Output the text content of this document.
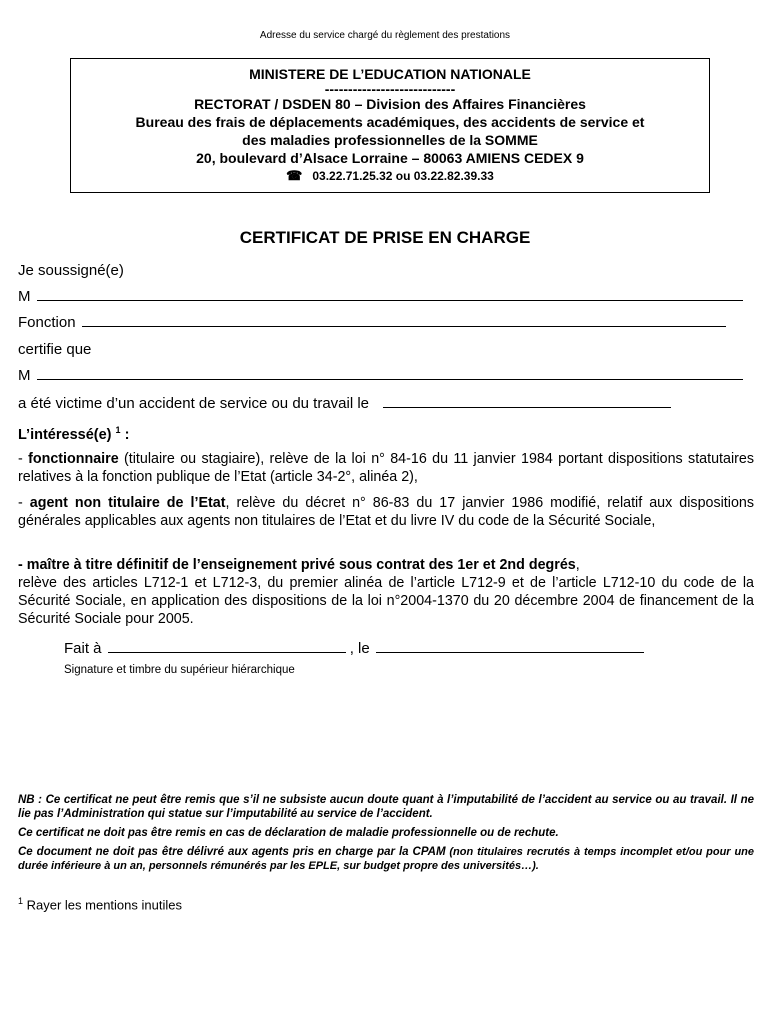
Adresse du service chargé du règlement des prestations
MINISTERE DE L’EDUCATION NATIONALE
----------------------------
RECTORAT / DSDEN 80 – Division des Affaires Financières
Bureau des frais de déplacements académiques, des accidents de service et
des maladies professionnelles de la SOMME
20, boulevard d’Alsace Lorraine – 80063 AMIENS CEDEX 9
☎ 03.22.71.25.32 ou 03.22.82.39.33
CERTIFICAT DE PRISE EN CHARGE
Je soussigné(e)
M
Fonction
certifie que
M
a été victime d’un accident de service ou du travail le
L’intéressé(e) $^1$ :
- fonctionnaire (titulaire ou stagiaire), relève de la loi n° 84-16 du 11 janvier 1984 portant dispositions statutaires relatives à la fonction publique de l’Etat (article 34-2°, alinéa 2),
- agent non titulaire de l’Etat, relève du décret n° 86-83 du 17 janvier 1986 modifié, relatif aux dispositions générales applicables aux agents non titulaires de l’Etat et du livre IV du code de la Sécurité Sociale,
- maître à titre définitif de l’enseignement privé sous contrat des 1er et 2nd degrés,
relève des articles L712-1 et L712-3, du premier alinéa de l’article L712-9 et de l’article L712-10 du code de la Sécurité Sociale, en application des dispositions de la loi n°2004-1370 du 20 décembre 2004 de financement de la Sécurité Sociale pour 2005.
Fait à	, le
Signature et timbre du supérieur hiérarchique
NB : Ce certificat ne peut être remis que s’il ne subsiste aucun doute quant à l’imputabilité de l’accident au service ou au travail. Il ne lie pas l’Administration qui statue sur l’imputabilité au service de l’accident.
Ce certificat ne doit pas être remis en cas de déclaration de maladie professionnelle ou de rechute.
Ce document ne doit pas être délivré aux agents pris en charge par la CPAM (non titulaires recrutés à temps incomplet et/ou pour une durée inférieure à un an, personnels rémunérés par les EPLE, sur budget propre des universités…).
$^1$ Rayer les mentions inutiles
